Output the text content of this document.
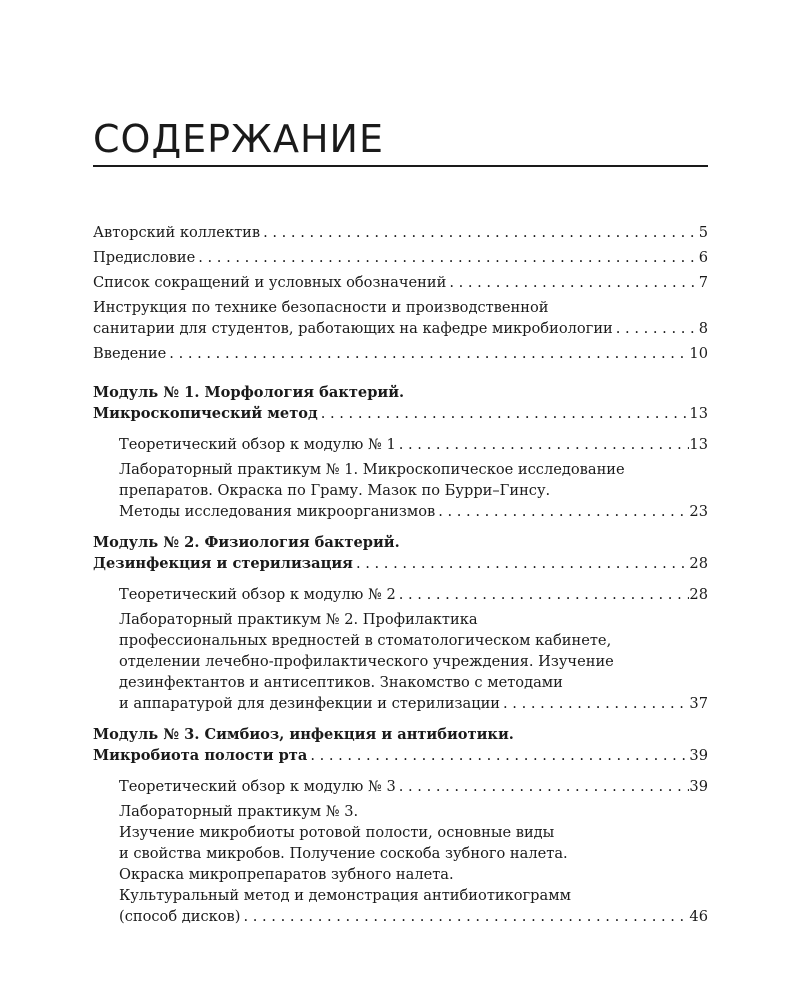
СОДЕРЖАНИЕ
Авторский коллектив . . .	5
Предисловие . . .	6
Список сокращений и условных обозначений . . .	7
Инструкция по технике безопасности и производственной
санитарии для студентов, работающих на кафедре микробиологии . . .	8
Введение . . .	10
Модуль № 1. Морфология бактерий.
Микроскопический метод . . .	13
Теоретический обзор к модулю № 1 . . .	13
Лабораторный практикум № 1. Микроскопическое исследование
препаратов. Окраска по Граму. Мазок по Бурри–Гинсу.
Методы исследования микроорганизмов . . .	23
Модуль № 2. Физиология бактерий.
Дезинфекция и стерилизация . . .	28
Теоретический обзор к модулю № 2 . . .	28
Лабораторный практикум № 2. Профилактика
профессиональных вредностей в стоматологическом кабинете,
отделении лечебно-профилактического учреждения. Изучение
дезинфектантов и антисептиков. Знакомство с методами
и аппаратурой для дезинфекции и стерилизации . . .	37
Модуль № 3. Симбиоз, инфекция и антибиотики.
Микробиота полости рта . . .	39
Теоретический обзор к модулю № 3 . . .	39
Лабораторный практикум № 3.
Изучение микробиоты ротовой полости, основные виды
и свойства микробов. Получение соскоба зубного налета.
Окраска микропрепаратов зубного налета.
Культуральный метод и демонстрация антибиотикограмм
(способ дисков) . . .	46
